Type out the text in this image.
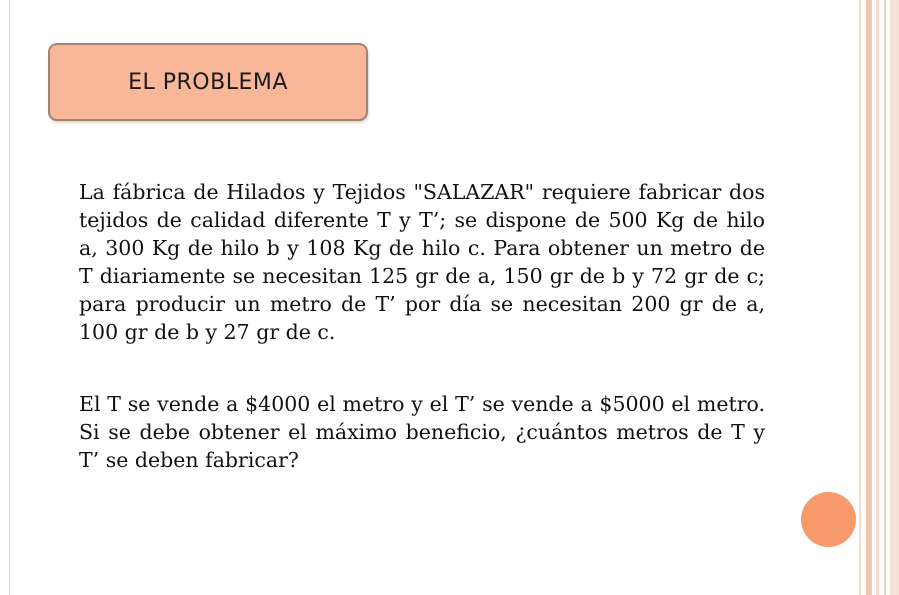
EL PROBLEMA

La fábrica de Hilados y Tejidos "SALAZAR" requiere fabricar dos tejidos de calidad diferente T y T’; se dispone de 500 Kg de hilo a, 300 Kg de hilo b y 108 Kg de hilo c. Para obtener un metro de T diariamente se necesitan 125 gr de a, 150 gr de b y 72 gr de c; para producir un metro de T’ por día se necesitan 200 gr de a, 100 gr de b y 27 gr de c.

El T se vende a $4000 el metro y el T’ se vende a $5000 el metro. Si se debe obtener el máximo beneficio, ¿cuántos metros de T y T’ se deben fabricar?
